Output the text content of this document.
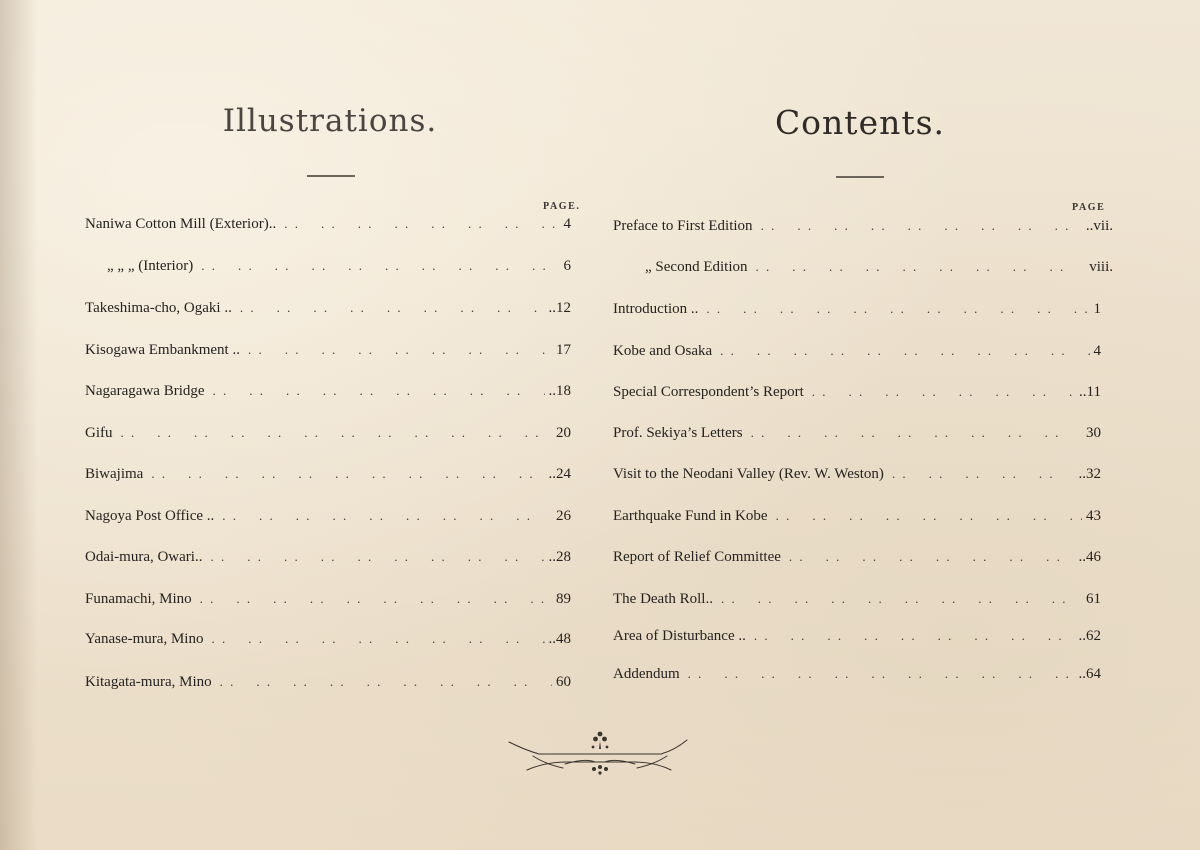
Illustrations.	Contents.
PAGE.	PAGE
Naniwa Cotton Mill (Exterior).. . .	4
„ „ „ (Interior) . .	6
Takeshima-cho, Ogaki .. . .	..12
Kisogawa Embankment .. . .	17
Nagaragawa Bridge . .	..18
Gifu . .	20
Biwajima . .	..24
Nagoya Post Office .. . .	26
Odai-mura, Owari.. . .	..28
Funamachi, Mino . .	89
Yanase-mura, Mino . .	..48
Kitagata-mura, Mino . .	60
Preface to First Edition . .	..vii.
„ Second Edition . .	viii.
Introduction .. . .	1
Kobe and Osaka . .	4
Special Correspondent’s Report . .	..11
Prof. Sekiya’s Letters . .	30
Visit to the Neodani Valley (Rev. W. Weston) . .	..32
Earthquake Fund in Kobe . .	43
Report of Relief Committee . .	..46
The Death Roll.. . .	61
Area of Disturbance .. . .	..62
Addendum . .	..64
